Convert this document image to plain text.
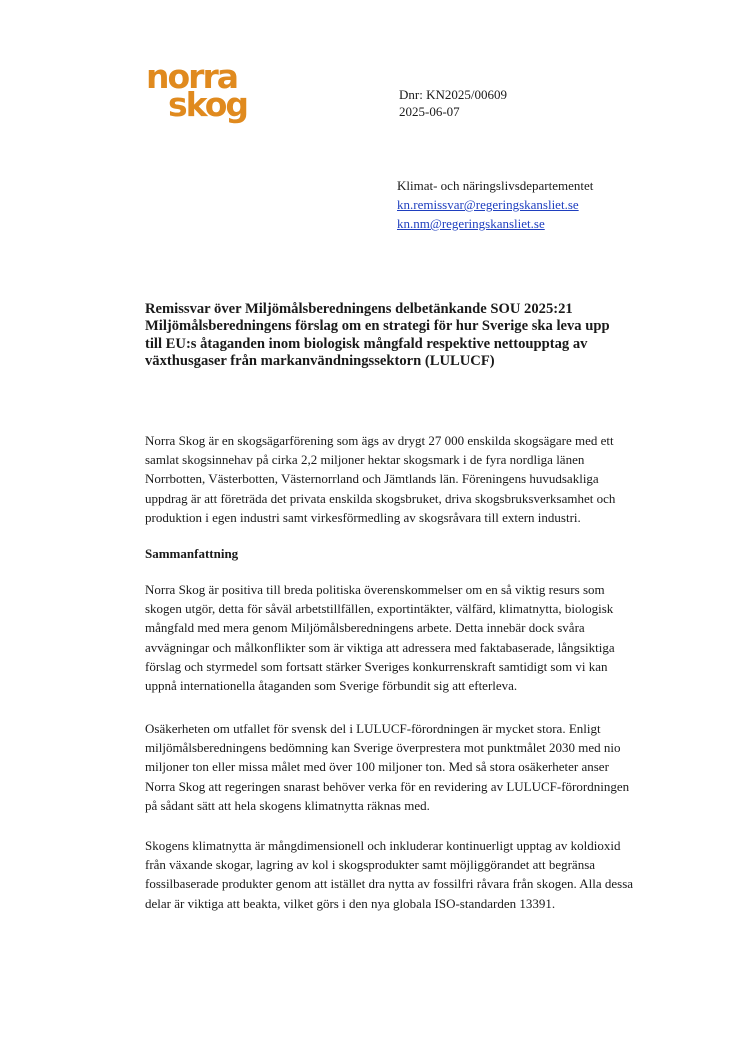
norra
skog	Dnr: KN2025/00609
2025-06-07
Klimat- och näringslivsdepartementet
kn.remissvar@regeringskansliet.se
kn.nm@regeringskansliet.se

Remissvar över Miljömålsberedningens delbetänkande SOU 2025:21 Miljömålsberedningens förslag om en strategi för hur Sverige ska leva upp till EU:s åtaganden inom biologisk mångfald respektive nettoupptag av växthusgaser från markanvändningssektorn (LULUCF)

Norra Skog är en skogsägarförening som ägs av drygt 27 000 enskilda skogsägare med ett samlat skogsinnehav på cirka 2,2 miljoner hektar skogsmark i de fyra nordliga länen Norrbotten, Västerbotten, Västernorrland och Jämtlands län. Föreningens huvudsakliga uppdrag är att företräda det privata enskilda skogsbruket, driva skogsbruksverksamhet och produktion i egen industri samt virkesförmedling av skogsråvara till extern industri.

Sammanfattning

Norra Skog är positiva till breda politiska överenskommelser om en så viktig resurs som skogen utgör, detta för såväl arbetstillfällen, exportintäkter, välfärd, klimatnytta, biologisk mångfald med mera genom Miljömålsberedningens arbete. Detta innebär dock svåra avvägningar och målkonflikter som är viktiga att adressera med faktabaserade, långsiktiga förslag och styrmedel som fortsatt stärker Sveriges konkurrenskraft samtidigt som vi kan uppnå internationella åtaganden som Sverige förbundit sig att efterleva.

Osäkerheten om utfallet för svensk del i LULUCF-förordningen är mycket stora. Enligt miljömålsberedningens bedömning kan Sverige överprestera mot punktmålet 2030 med nio miljoner ton eller missa målet med över 100 miljoner ton. Med så stora osäkerheter anser Norra Skog att regeringen snarast behöver verka för en revidering av LULUCF-förordningen på sådant sätt att hela skogens klimatnytta räknas med.

Skogens klimatnytta är mångdimensionell och inkluderar kontinuerligt upptag av koldioxid från växande skogar, lagring av kol i skogsprodukter samt möjliggörandet att begränsa fossilbaserade produkter genom att istället dra nytta av fossilfri råvara från skogen. Alla dessa delar är viktiga att beakta, vilket görs i den nya globala ISO-standarden 13391.
